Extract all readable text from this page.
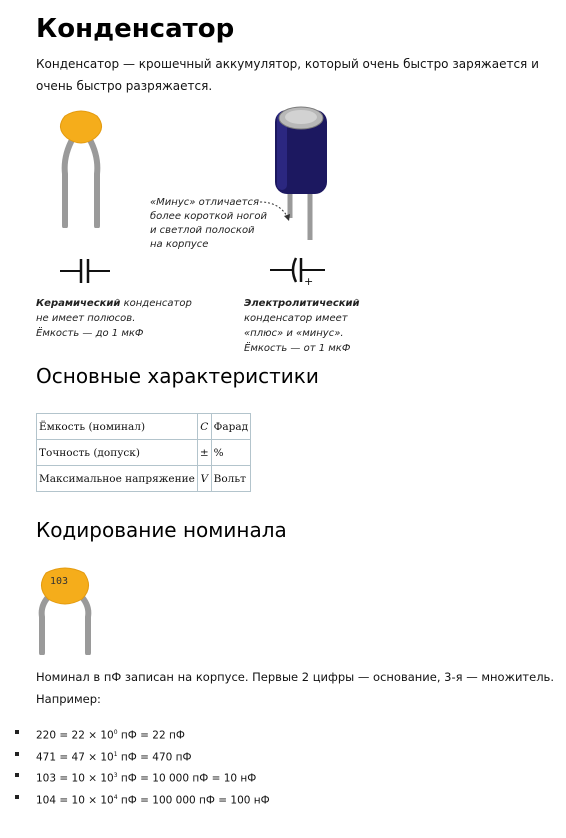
Конденсатор

Конденсатор — крошечный аккумулятор, который очень быстро заряжается и очень быстро разряжается.

Керамический конденсатор
не имеет полюсов.
Ёмкость — до 1 мкФ
«Минус» отличается
более короткой ногой
и светлой полоской
на корпусе
+
Электролитический
конденсатор имеет
«плюс» и «минус».
Ёмкость — от 1 мкФ
Основные характеристики
Ёмкость (номинал)	C	Фарад
Точность (допуск)	±	%
Максимальное напряжение	V	Вольт
Кодирование номинала
103

Номинал в пФ записан на корпусе. Первые 2 цифры — основание, 3-я — множитель. Например:

$220 = 22 \times 10^0$ пФ = 22 пФ
$471 = 47 \times 10^1$ пФ = 470 пФ
$103 = 10 \times 10^3$ пФ = 10 000 пФ = 10 нФ
$104 = 10 \times 10^4$ пФ = 100 000 пФ = 100 нФ
